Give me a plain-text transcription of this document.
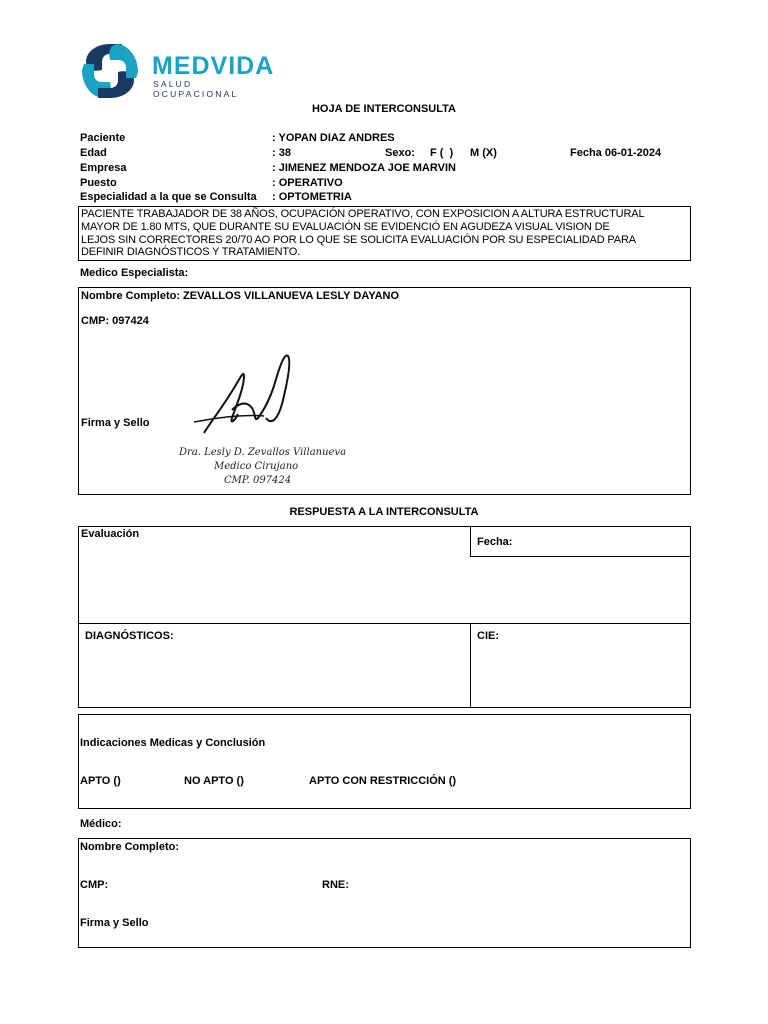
MEDVIDA
SALUD OCUPACIONAL
HOJA DE INTERCONSULTA
Paciente	: YOPAN DIAZ ANDRES
Edad	: 38	Sexo: F (  ) M (X)	Fecha 06-01-2024
Empresa	: JIMENEZ MENDOZA JOE MARVIN
Puesto	: OPERATIVO
Especialidad a la que se Consulta : OPTOMETRIA
PACIENTE TRABAJADOR DE 38 AÑOS, OCUPACIÓN OPERATIVO, CON EXPOSICION A ALTURA ESTRUCTURAL
MAYOR DE 1.80 MTS, QUE DURANTE SU EVALUACIÓN SE EVIDENCIÓ EN AGUDEZA VISUAL VISION DE
LEJOS SIN CORRECTORES 20/70 AO POR LO QUE SE SOLICITA EVALUACIÓN POR SU ESPECIALIDAD PARA
DEFINIR DIAGNÓSTICOS Y TRATAMIENTO.
Medico Especialista:
Nombre Completo: ZEVALLOS VILLANUEVA LESLY DAYANO
CMP: 097424
Firma y Sello
Dra. Lesly D. Zevallos Villanueva
Medico Cirujano
CMP. 097424
RESPUESTA A LA INTERCONSULTA
Evaluación
Fecha:
DIAGNÓSTICOS:	CIE:
Indicaciones Medicas y Conclusión
APTO ()	NO APTO ()	APTO CON RESTRICCIÓN ()
Médico:
Nombre Completo:
CMP:	RNE:
Firma y Sello
